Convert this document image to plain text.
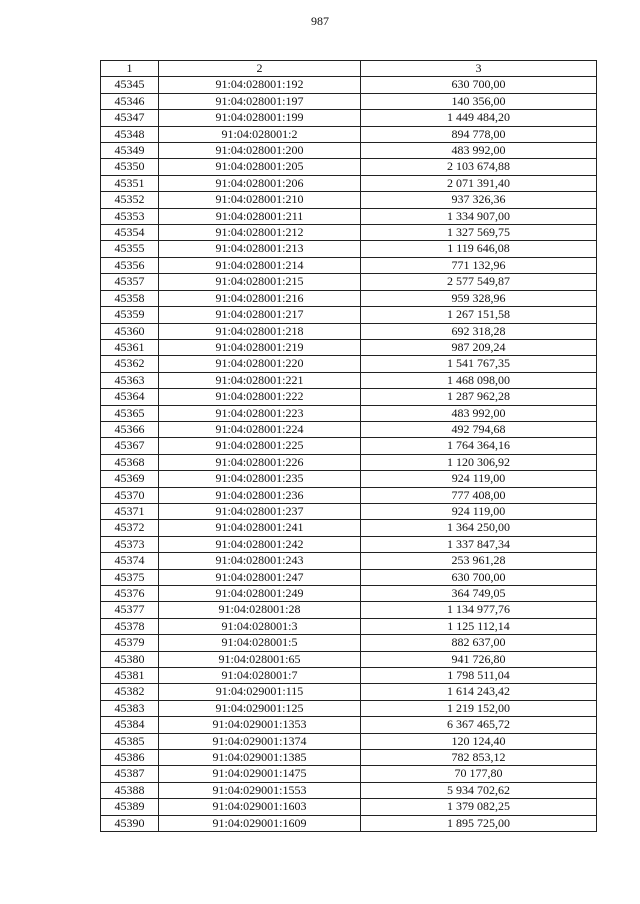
987
1	2	3
45345	91:04:028001:192	630 700,00
45346	91:04:028001:197	140 356,00
45347	91:04:028001:199	1 449 484,20
45348	91:04:028001:2	894 778,00
45349	91:04:028001:200	483 992,00
45350	91:04:028001:205	2 103 674,88
45351	91:04:028001:206	2 071 391,40
45352	91:04:028001:210	937 326,36
45353	91:04:028001:211	1 334 907,00
45354	91:04:028001:212	1 327 569,75
45355	91:04:028001:213	1 119 646,08
45356	91:04:028001:214	771 132,96
45357	91:04:028001:215	2 577 549,87
45358	91:04:028001:216	959 328,96
45359	91:04:028001:217	1 267 151,58
45360	91:04:028001:218	692 318,28
45361	91:04:028001:219	987 209,24
45362	91:04:028001:220	1 541 767,35
45363	91:04:028001:221	1 468 098,00
45364	91:04:028001:222	1 287 962,28
45365	91:04:028001:223	483 992,00
45366	91:04:028001:224	492 794,68
45367	91:04:028001:225	1 764 364,16
45368	91:04:028001:226	1 120 306,92
45369	91:04:028001:235	924 119,00
45370	91:04:028001:236	777 408,00
45371	91:04:028001:237	924 119,00
45372	91:04:028001:241	1 364 250,00
45373	91:04:028001:242	1 337 847,34
45374	91:04:028001:243	253 961,28
45375	91:04:028001:247	630 700,00
45376	91:04:028001:249	364 749,05
45377	91:04:028001:28	1 134 977,76
45378	91:04:028001:3	1 125 112,14
45379	91:04:028001:5	882 637,00
45380	91:04:028001:65	941 726,80
45381	91:04:028001:7	1 798 511,04
45382	91:04:029001:115	1 614 243,42
45383	91:04:029001:125	1 219 152,00
45384	91:04:029001:1353	6 367 465,72
45385	91:04:029001:1374	120 124,40
45386	91:04:029001:1385	782 853,12
45387	91:04:029001:1475	70 177,80
45388	91:04:029001:1553	5 934 702,62
45389	91:04:029001:1603	1 379 082,25
45390	91:04:029001:1609	1 895 725,00
